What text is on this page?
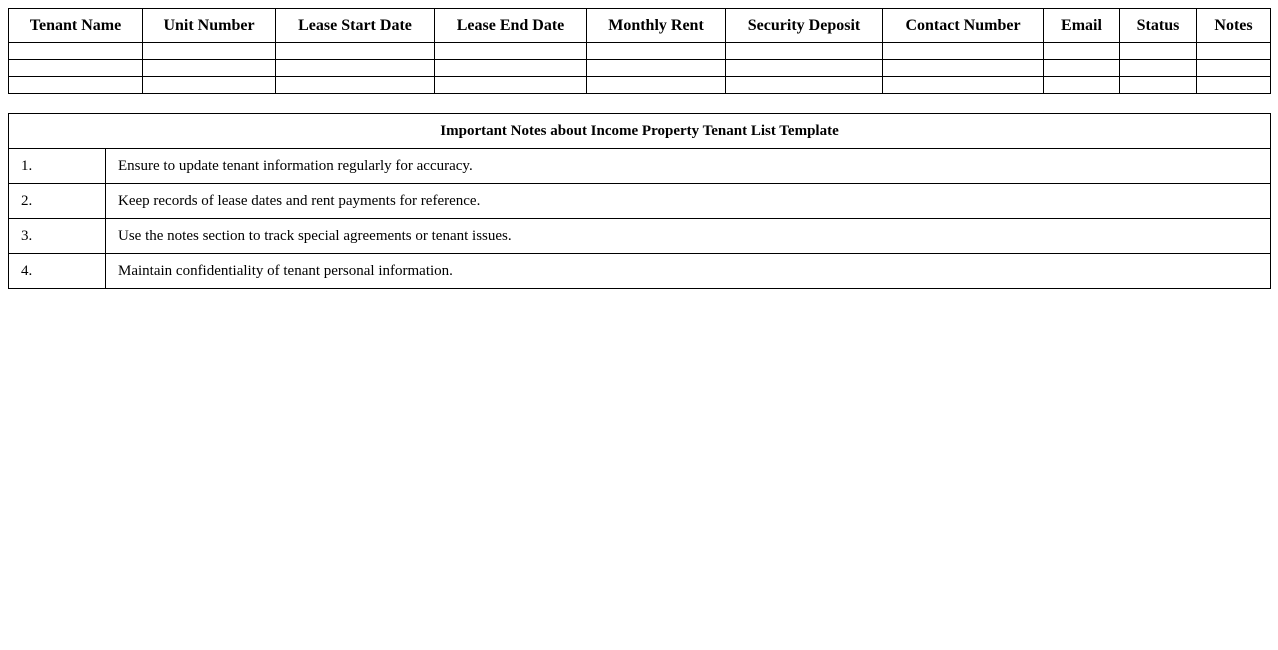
Tenant Name	Unit Number	Lease Start Date	Lease End Date	Monthly Rent	Security Deposit	Contact Number	Email	Status	Notes

Important Notes about Income Property Tenant List Template	
1.	Ensure to update tenant information regularly for accuracy.
2.	Keep records of lease dates and rent payments for reference.
3.	Use the notes section to track special agreements or tenant issues.
4.	Maintain confidentiality of tenant personal information.
